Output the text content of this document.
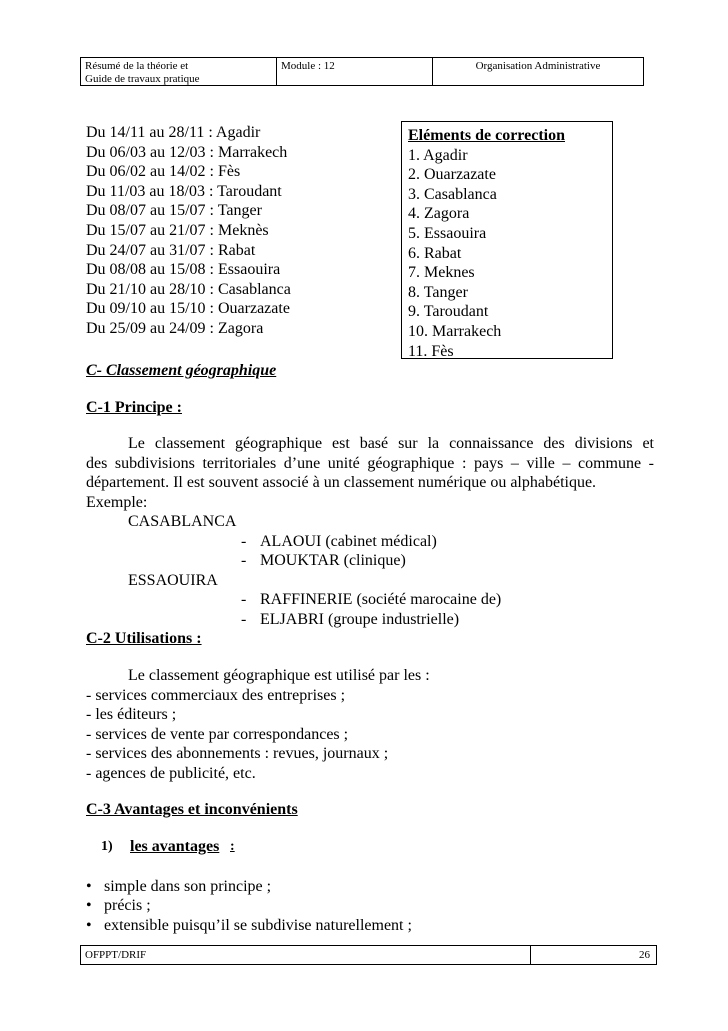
Résumé de la théorie et
Guide de travaux pratique
Module : 12	Organisation Administrative
Du 14/11 au 28/11 : Agadir
Du 06/03 au 12/03 : Marrakech
Du 06/02 au 14/02 : Fès
Du 11/03 au 18/03 : Taroudant
Du 08/07 au 15/07 : Tanger
Du 15/07 au 21/07 : Meknès
Du 24/07 au 31/07 : Rabat
Du 08/08 au 15/08 : Essaouira
Du 21/10 au 28/10 : Casablanca
Du 09/10 au 15/10 : Ouarzazate
Du 25/09 au 24/09 : Zagora
Eléments de correction
1. Agadir
2. Ouarzazate
3. Casablanca
4. Zagora
5. Essaouira
6. Rabat
7. Meknes
8. Tanger
9. Taroudant
10. Marrakech
11. Fès
C- Classement géographique
C-1 Principe :
Le classement géographique est basé sur la connaissance des divisions et
des subdivisions territoriales d’une unité géographique : pays – ville – commune -
département. Il est souvent associé à un classement numérique ou alphabétique.
Exemple:
CASABLANCA
- ALAOUI (cabinet médical)
- MOUKTAR (clinique)
ESSAOUIRA
- RAFFINERIE (société marocaine de)
- ELJABRI (groupe industrielle)
C-2 Utilisations :
Le classement géographique est utilisé par les :
- services commerciaux des entreprises ;
- les éditeurs ;
- services de vente par correspondances ;
- services des abonnements : revues, journaux ;
- agences de publicité, etc.
C-3 Avantages et inconvénients
1) les avantages :
• simple dans son principe ;
• précis ;
• extensible puisqu’il se subdivise naturellement ;
OFPPT/DRIF	26
